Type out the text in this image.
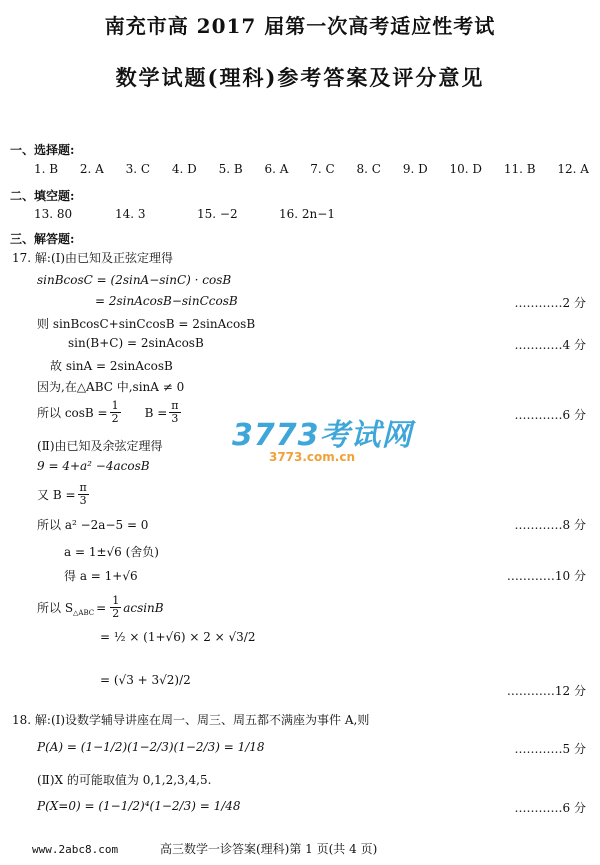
南充市高 2017 届第一次高考适应性考试
数学试题(理科)参考答案及评分意见
一、选择题:
1. B 2. A 3. C 4. D 5. B 6. A 7. C 8. C 9. D 10. D 11. B 12. A
二、填空题:
13. 80	14. 3	15. −2	16. 2n−1
三、解答题:
17. 解:(Ⅰ)由已知及正弦定理得
sinBcosC = (2sinA−sinC) · cosB
= 2sinAcosB−sinCcosB	…………2 分
则 sinBcosC+sinCcosB = 2sinAcosB
sin(B+C) = 2sinAcosB	…………4 分
故 sinA = 2sinAcosB
因为,在△ABC 中,sinA ≠ 0
所以 $\cos B = \frac{1}{2}$ $B = \frac{\pi}{3}$	…………6 分
(Ⅱ)由已知及余弦定理得
9 = 4+a² −4acosB
又 $B = \frac{\pi}{3}$
所以 a² −2a−5 = 0	…………8 分
a = 1±√6 (舍负)
得 a = 1+√6	…………10 分
所以 $S_{\triangle ABC} = \frac{1}{2}$ acsinB
= ½ × (1+√6) × 2 × √3/2
= (√3 + 3√2)/2
…………12 分
3773考试网
3773.com.cn
18. 解:(Ⅰ)设数学辅导讲座在周一、周三、周五都不满座为事件 A,则
P(A) = (1−1/2)(1−2/3)(1−2/3) = 1/18	…………5 分
(Ⅱ)X 的可能取值为 0,1,2,3,4,5.
P(X=0) = (1−1/2)⁴(1−2/3) = 1/48	…………6 分
www.2abc8.com	高三数学一诊答案(理科)第 1 页(共 4 页)
